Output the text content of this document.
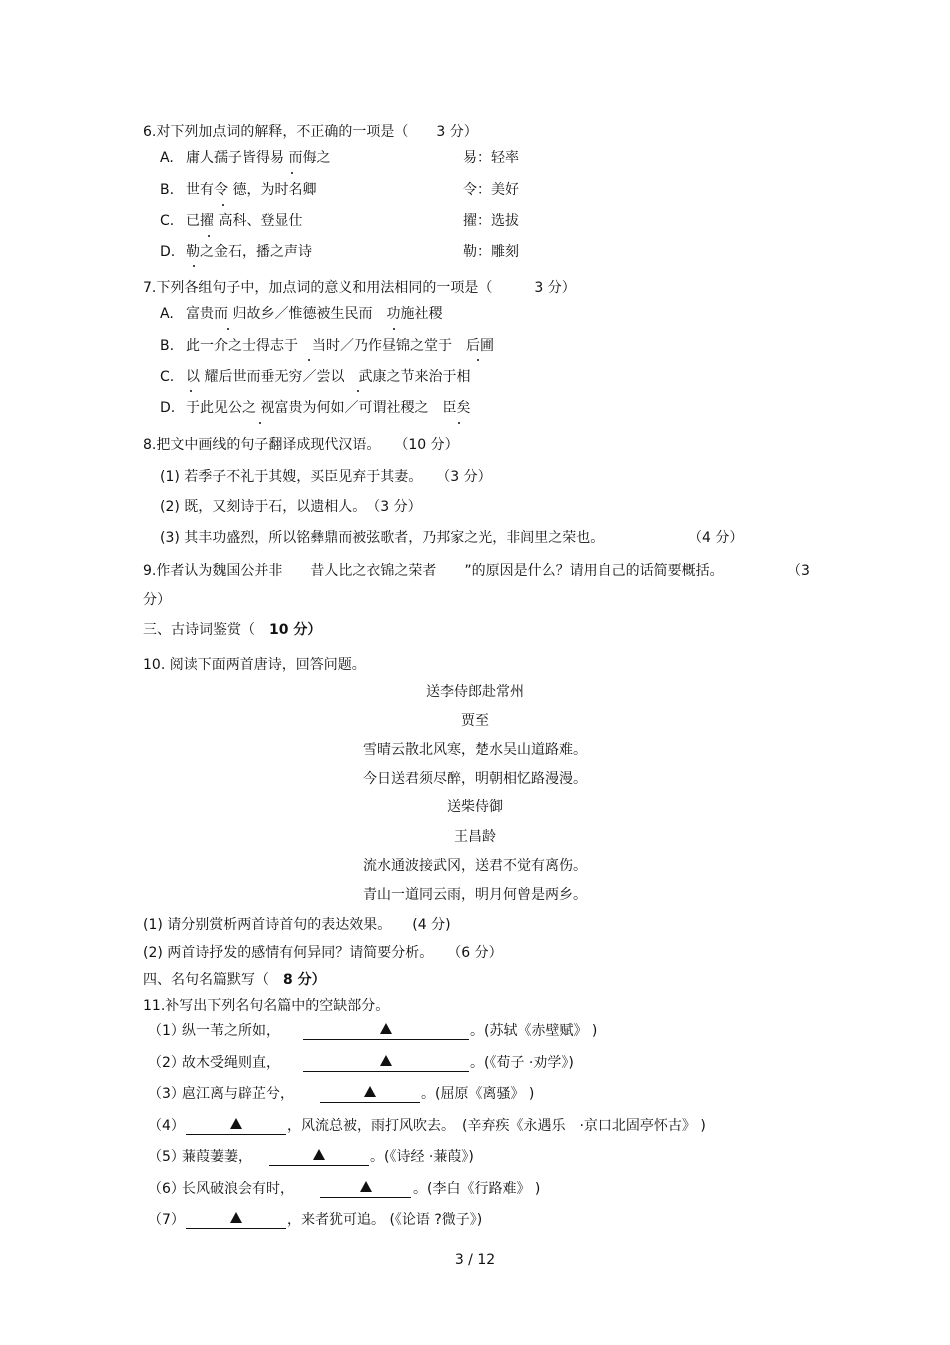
6.对下列加点词的解释，不正确的一项是（　　3 分）
A. 庸人孺子皆得易 而侮之	易：轻率
B. 世有令 德，为时名卿	令：美好
C. 已擢 高科、登显仕	擢：选拔
D. 勒之金石，播之声诗	勒：雕刻
7.下列各组句子中，加点词的意义和用法相同的一项是（　　　3 分）
A. 富贵而 归故乡／惟德被生民而　功施社稷
B. 此一介之士得志于　当时／乃作昼锦之堂于　后圃
C. 以 耀后世而垂无穷／尝以　武康之节来治于相
D. 于此见公之 视富贵为何如／可谓社稷之　臣矣
8.把文中画线的句子翻译成现代汉语。　　（10 分）
(1) 若季子不礼于其嫂，买臣见弃于其妻。　　（3 分）
(2) 既，又刻诗于石，以遗相人。　（3 分）
(3) 其丰功盛烈，所以铭彝鼎而被弦歌者，乃邦家之光，非闾里之荣也。	（4 分）
9.作者认为魏国公并非　　昔人比之衣锦之荣者　　”的原因是什么？请用自己的话简要概括。	（3
分）
三、古诗词鉴赏（　10 分）
10. 阅读下面两首唐诗，回答问题。
送李侍郎赴常州
贾至
雪晴云散北风寒，楚水吴山道路难。
今日送君须尽醉，明朝相忆路漫漫。
送柴侍御
王昌龄
流水通波接武冈，送君不觉有离伤。
青山一道同云雨，明月何曾是两乡。
(1) 请分别赏析两首诗首句的表达效果。　　(4 分)
(2) 两首诗抒发的感情有何异同？请简要分析。　　（6 分）
四、名句名篇默写（　8 分）
11.补写出下列名句名篇中的空缺部分。
（1）
纵一苇之所如，	。(苏轼《赤壁赋》 )
（2）
故木受绳则直，	。(《荀子 ·劝学》)
（3）
扈江离与辟芷兮，	。(屈原《离骚》 )
（4）	，风流总被，雨打风吹去。　(辛弃疾《永遇乐　·京口北固亭怀古》 )
（5）
蒹葭萋萋，	。(《诗经 ·蒹葭》)
（6）
长风破浪会有时，	。(李白《行路难》 )
（7）	，来者犹可追。 (《论语 ?微子》)
3 / 12
